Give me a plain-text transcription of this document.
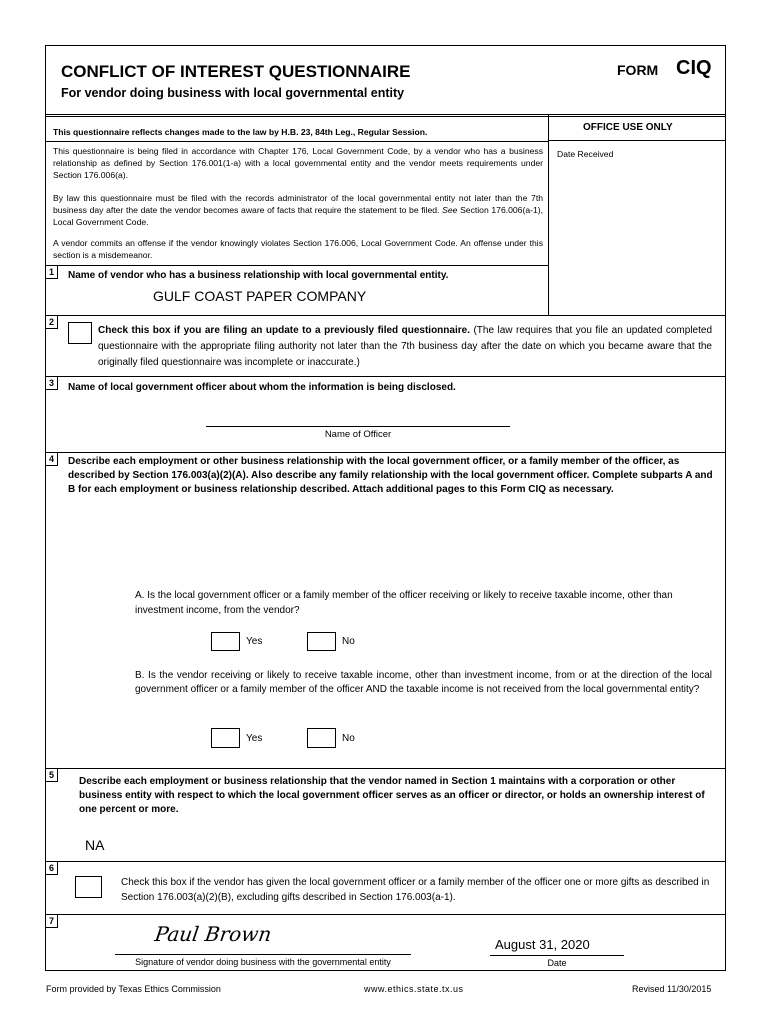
CONFLICT OF INTEREST QUESTIONNAIRE
For vendor doing business with local governmental entity
FORM CIQ
OFFICE USE ONLY
Date Received
This questionnaire reflects changes made to the law by H.B. 23, 84th Leg., Regular Session.
This questionnaire is being filed in accordance with Chapter 176, Local Government Code, by a vendor who has a business relationship as defined by Section 176.001(1-a) with a local governmental entity and the vendor meets requirements under Section 176.006(a).
By law this questionnaire must be filed with the records administrator of the local governmental entity not later than the 7th business day after the date the vendor becomes aware of facts that require the statement to be filed. See Section 176.006(a-1), Local Government Code.
A vendor commits an offense if the vendor knowingly violates Section 176.006, Local Government Code. An offense under this section is a misdemeanor.
1	Name of vendor who has a business relationship with local governmental entity.
GULF COAST PAPER COMPANY
2
Check this box if you are filing an update to a previously filed questionnaire. (The law requires that you file an updated completed questionnaire with the appropriate filing authority not later than the 7th business day after the date on which you became aware that the originally filed questionnaire was incomplete or inaccurate.)
3	Name of local government officer about whom the information is being disclosed.
Name of Officer
4	Describe each employment or other business relationship with the local government officer, or a family member of the officer, as described by Section 176.003(a)(2)(A). Also describe any family relationship with the local government officer. Complete subparts A and B for each employment or business relationship described. Attach additional pages to this Form CIQ as necessary.
A. Is the local government officer or a family member of the officer receiving or likely to receive taxable income, other than investment income, from the vendor?
Yes	No
B. Is the vendor receiving or likely to receive taxable income, other than investment income, from or at the direction of the local government officer or a family member of the officer AND the taxable income is not received from the local governmental entity?
Yes	No
5
Describe each employment or business relationship that the vendor named in Section 1 maintains with a corporation or other business entity with respect to which the local government officer serves as an officer or director, or holds an ownership interest of one percent or more.
NA
6
Check this box if the vendor has given the local government officer or a family member of the officer one or more gifts as described in Section 176.003(a)(2)(B), excluding gifts described in Section 176.003(a-1).
7
Paul Brown
Signature of vendor doing business with the governmental entity
August 31, 2020
Date
Form provided by Texas Ethics Commission	www.ethics.state.tx.us	Revised 11/30/2015
